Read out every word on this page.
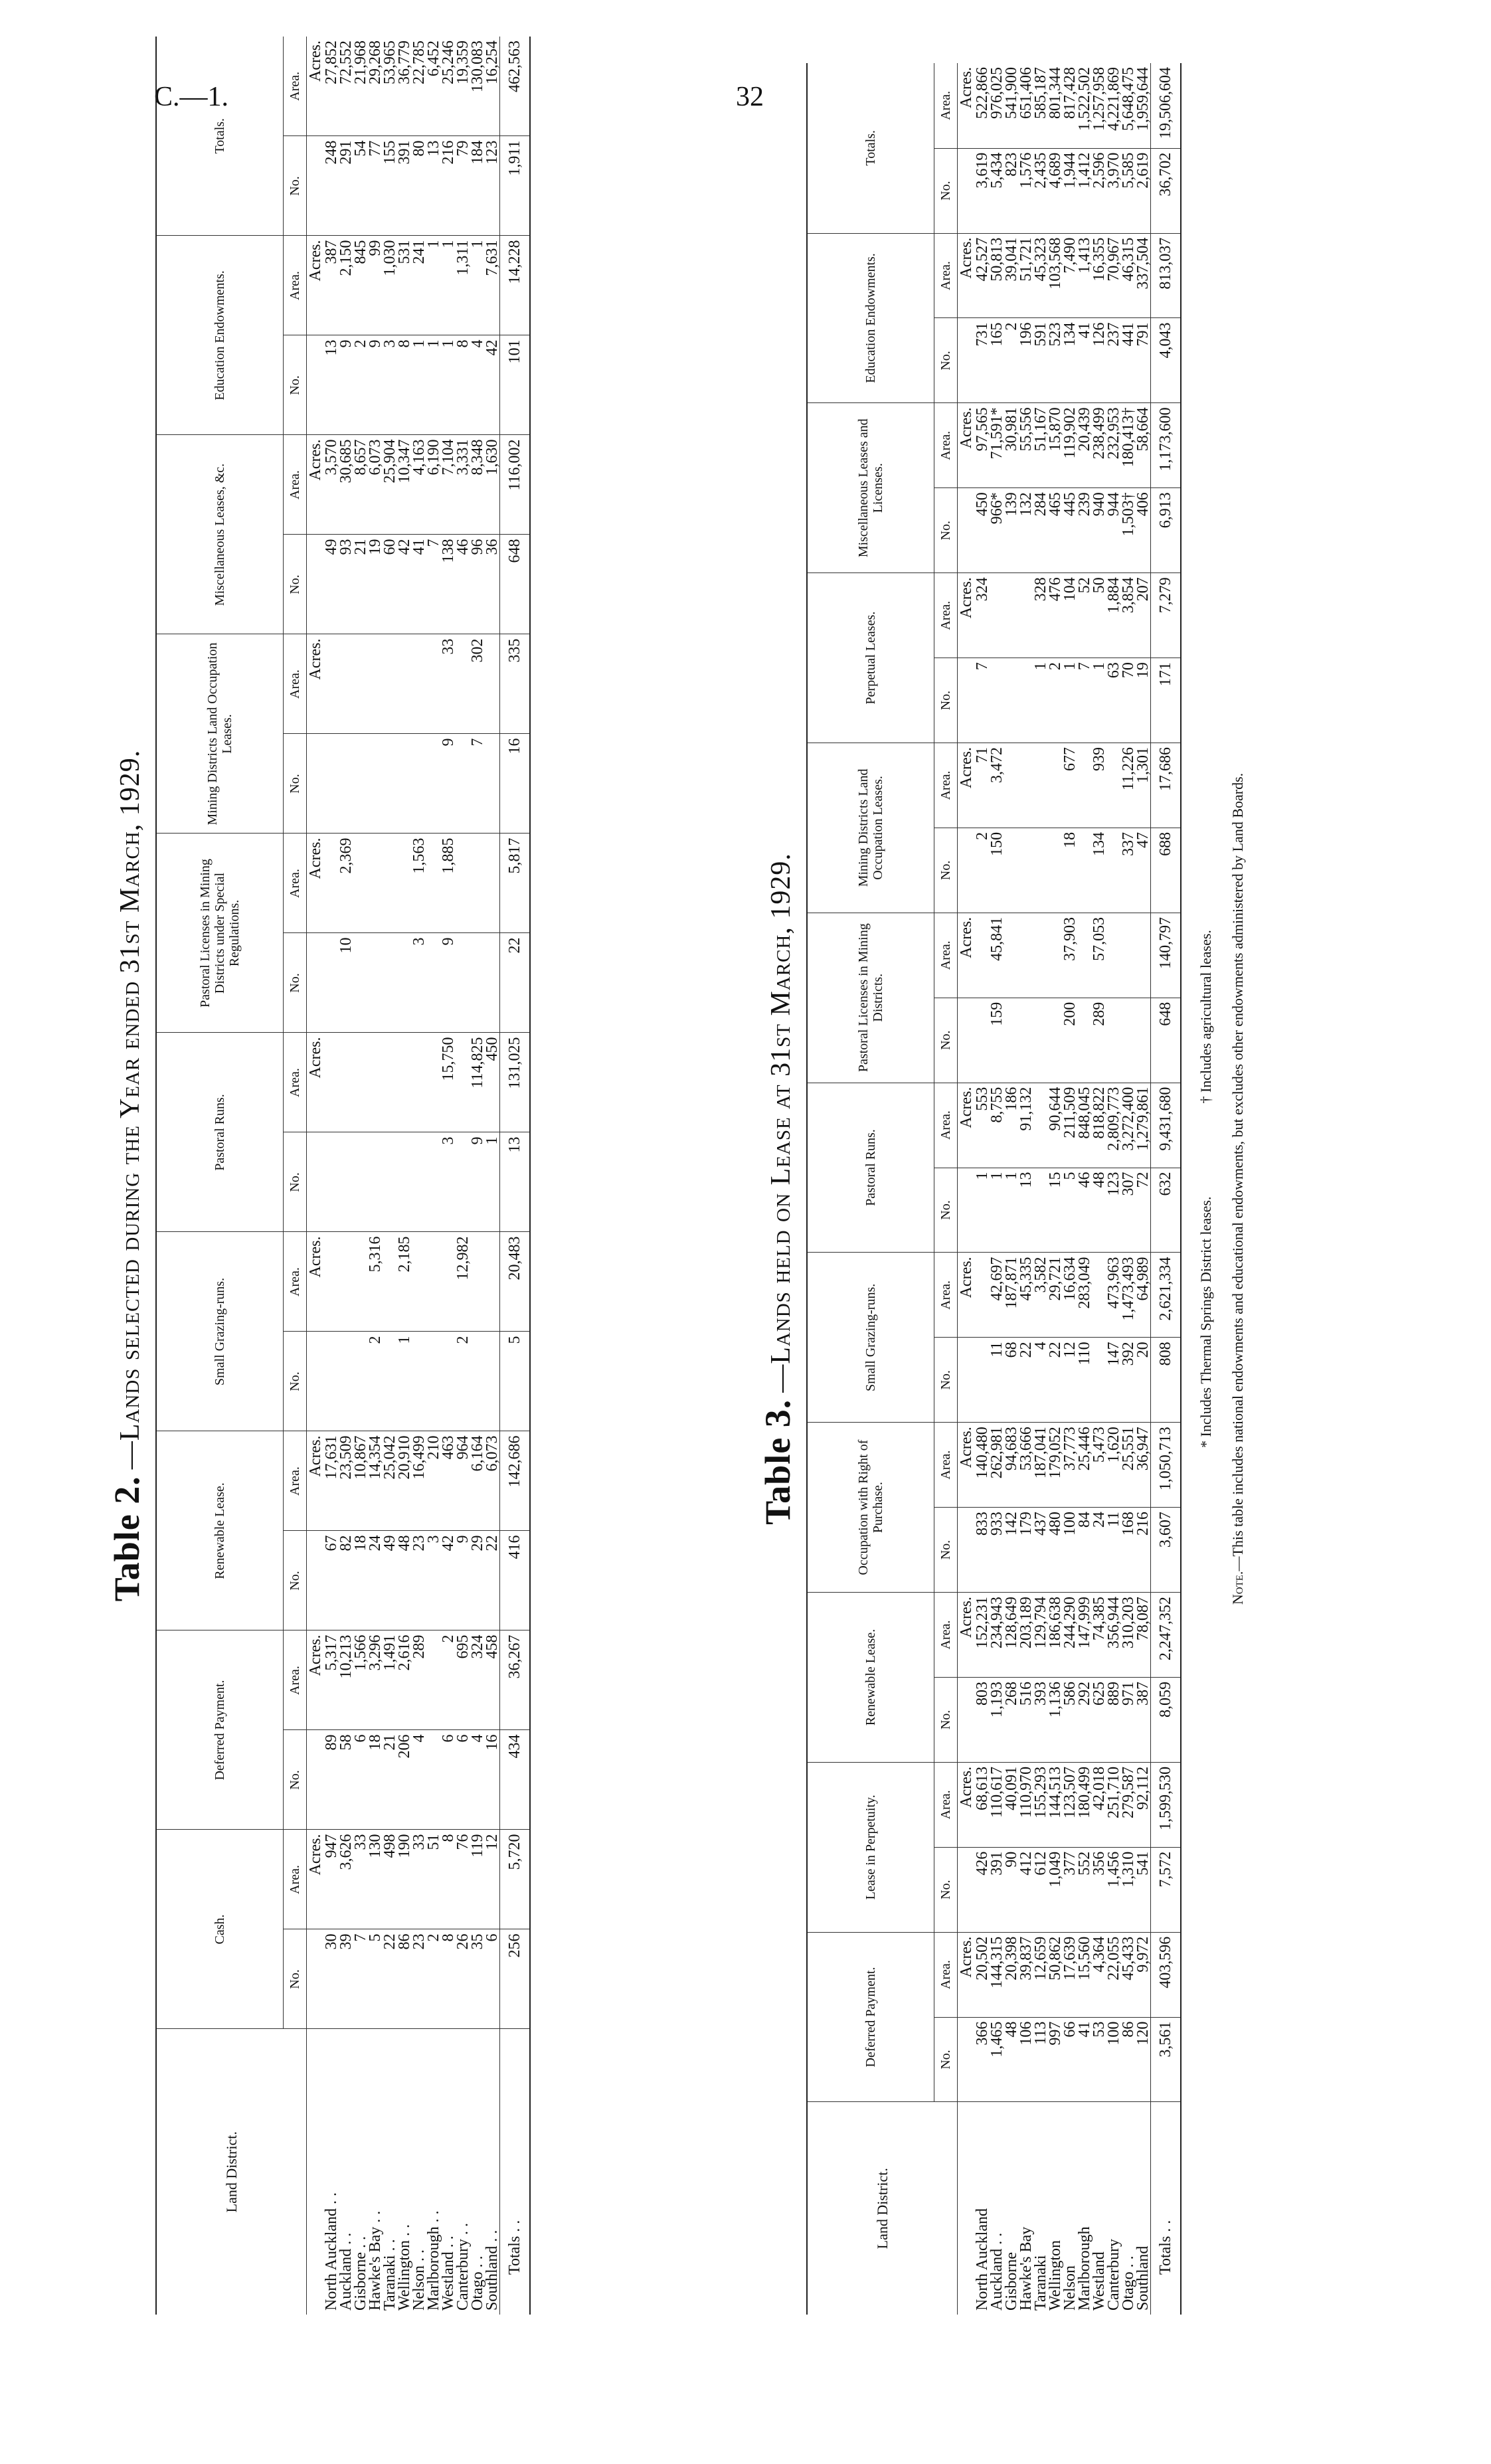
C.—1.	32
Table 2.—Lands selected during the Year ended 31st March, 1929.
Land District.	Cash.		Deferred Payment.		Renewable Lease.		Small Grazing-runs.		Pastoral Runs.		Pastoral Licenses in Mining Districts under Special Regulations.		Mining Districts Land Occupation Leases.		Miscellaneous Leases, &c.		Education Endowments.		Totals.	
	No.	Area.	No.	Area.	No.	Area.	No.	Area.	No.	Area.	No.	Area.	No.	Area.	No.	Area.	No.	Area.	No.	Area.
		Acres.		Acres.		Acres.		Acres.		Acres.		Acres.		Acres.		Acres.		Acres.		Acres.
North Auckland . .	30	947	89	5,317	67	17,631									49	3,570	13	387	248	27,852
Auckland . .	39	3,626	58	10,213	82	23,509					10	2,369			93	30,685	9	2,150	291	72,552
Gisborne . .	7	33	6	1,566	18	10,867									21	8,657	2	845	54	21,968
Hawke's Bay . .	5	130	18	3,296	24	14,354	2	5,316							19	6,073	9	99	77	29,268
Taranaki . .	22	498	21	1,491	49	25,042									60	25,904	3	1,030	155	53,965
Wellington . .	86	190	206	2,616	48	20,910	1	2,185							42	10,347	8	531	391	36,779
Nelson . .	23	33	4	289	23	16,499					3	1,563			41	4,163	1	241	80	22,785
Marlborough . .	2	51			3	210									7	6,190	1	1	13	6,452
Westland . .	8	8	6	2	42	463			3	15,750	9	1,885	9	33	138	7,104	1	1	216	25,246
Canterbury . .	26	76	6	695	9	964	2	12,982							46	3,331	8	1,311	79	19,359
Otago . .	35	119	4	324	29	6,164			9	114,825			7	302	96	8,348	4	1	184	130,083
Southland . .	6	12	16	458	22	6,073			1	450					36	1,630	42	7,631	123	16,254
Totals . .	256	5,720	434	36,267	416	142,686	5	20,483	13	131,025	22	5,817	16	335	648	116,002	101	14,228	1,911	462,563
Table 3.—Lands held on Lease at 31st March, 1929.
Land District.	Deferred Payment.		Lease in Perpetuity.		Renewable Lease.		Occupation with Right of Purchase.		Small Grazing-runs.		Pastoral Runs.		Pastoral Licenses in Mining Districts.		Mining Districts Land Occupation Leases.		Perpetual Leases.		Miscellaneous Leases and Licenses.		Education Endowments.		Totals.	
	No.	Area.	No.	Area.	No.	Area.	No.	Area.	No.	Area.	No.	Area.	No.	Area.	No.	Area.	No.	Area.	No.	Area.	No.	Area.	No.	Area.
		Acres.		Acres.		Acres.		Acres.		Acres.		Acres.		Acres.		Acres.		Acres.		Acres.		Acres.		Acres.
North Auckland	366	20,502	426	68,613	803	152,231	833	140,480			1	553			2	71	7	324	450	97,565	731	42,527	3,619	522,866
Auckland . .	1,465	144,315	391	110,617	1,193	234,943	933	262,981	11	42,697	1	8,755	159	45,841	150	3,472			966*	71,591*	165	50,813	5,434	976,025
Gisborne	48	20,398	90	40,091	268	128,649	142	94,683	68	187,871	1	186							139	30,981	2	39,041	823	541,900
Hawke's Bay	106	39,837	412	110,970	516	203,189	179	53,666	22	45,335	13	91,132							132	55,556	196	51,721	1,576	651,406
Taranaki	113	12,659	612	155,293	393	129,794	437	187,041	4	3,582							1	328	284	51,167	591	45,323	2,435	585,187
Wellington	997	50,862	1,049	144,513	1,136	186,638	480	179,052	22	29,721	15	90,644					2	476	465	15,870	523	103,568	4,689	801,344
Nelson	66	17,639	377	123,507	586	244,290	100	37,773	12	16,634	5	211,509	200	37,903	18	677	1	104	445	119,902	134	7,490	1,944	817,428
Marlborough	41	15,560	552	180,499	292	147,999	84	25,446	110	283,049	46	848,045					7	52	239	20,439	41	1,413	1,412	1,522,502
Westland	53	4,364	356	42,018	625	74,385	24	5,473			48	818,822	289	57,053	134	939	1	50	940	238,499	126	16,355	2,596	1,257,958
Canterbury	100	22,055	1,456	251,710	889	356,944	11	1,620	147	473,963	123	2,809,773					63	1,884	944	232,953	237	70,967	3,970	4,221,869
Otago . .	86	45,433	1,310	279,587	971	310,203	168	25,551	392	1,473,493	307	3,272,400			337	11,226	70	3,854	1,503†	180,413†	441	46,315	5,585	5,648,475
Southland	120	9,972	541	92,112	387	78,087	216	36,947	20	64,989	72	1,279,861			47	1,301	19	207	406	58,664	791	337,504	2,619	1,959,644
Totals . .	3,561	403,596	7,572	1,599,530	8,059	2,247,352	3,607	1,050,713	808	2,621,334	632	9,431,680	648	140,797	688	17,686	171	7,279	6,913	1,173,600	4,043	813,037	36,702	19,506,604
* Includes Thermal Springs District leases.
† Includes agricultural leases.
Note.—This table includes national endowments and educational endowments, but excludes other endowments administered by Land Boards.
